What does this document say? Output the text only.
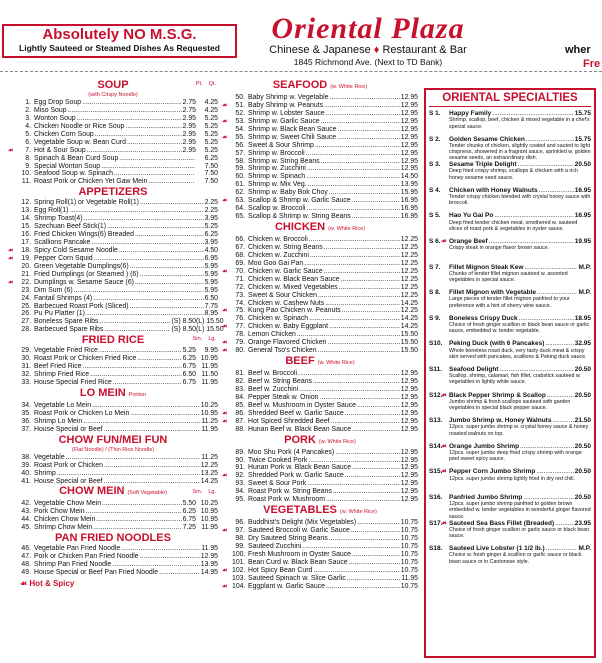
Absolutely NO M.S.G.
Lightly Sauteed or Steamed Dishes As Requested
Oriental Plaza
Chinese & Japanese ♦ Restaurant & Bar
1845 Richmond Ave. (Next to TD Bank)
wher
Fre
SOUP	Pt. Qt.
(with Crispy Noodle)
1. Egg Drop Soup .....	2.75	4.25
2. Miso Soup .....	2.75	4.25
3. Wonton Soup .....	2.95	5.25
4. Chicken Noodle or Rice Soup .....	2.95	5.25
5. Chicken Corn Soup .....	2.95	5.25
6. Vegetable Soup w. Bean Curd .....	2.95	5.25
☙	7. Hot & Sour Soup .....	2.95	5.25
8. Spinach & Bean Curd Soup .....	6.25
9. Special Wonton Soup .....	7.50
10. Seafood Soup w. Spinach .....	7.50
11. Roast Pork or Chicken Yet Gaw Mein .....	7.50
APPETIZERS
12. Spring Roll(1) or Vegetable Roll(1) .....	2.25
13. Egg Roll(1) .....	2.25
14. Shrimp Toast(4) .....	3.95
15. Szechuan Beef Stick(1) .....	5.25
16. Fried Chicken Wings(6) Breaded .....	6.25
17. Scallions Pancake .....	3.95
☙	18. Spicy Cold Sesame Noodle .....	4.50
☙	19. Pepper Corn Squid .....	6.95
20. Green Vegetable Dumplings(6) .....	5.95
21. Fried Dumplings (or Steamed ) (6) .....	5.95
☙	22. Dumplings w. Sesame Sauce (6) .....	5.95
23. Dim Sum (6) .....	5.95
24. Fantail Shrimps (4) .....	6.50
25. Barbecued Roast Pork (Sliced) .....	7.75
26. Pu Pu Platter (1) .....	8.95
27. Boneless Spare Ribs .....	(S) 8.50 (L) 15.50
28. Barbecued Spare Ribs .....	(S) 8.50 (L) 15.50
FRIED RICE	Sm. Lg.
29. Vegetable Fried Rice .....	5.25	9.95
30. Roast Pork or Chicken Fried Rice .....	6.25 10.95
31. Beef Fried Rice .....	6.75 11.95
32. Shrimp Fried Rice .....	6.50 11.50
33. House Special Fried Rice .....	6.75 11.95
LO MEIN Portion
34. Vegetable Lo Mein .....	10.25
35. Roast Pork or Chicken Lo Mein .....	10.95
36. Shrimp Lo Mein .....	11.25
37. House Special or Beef .....	11.95
CHOW FUN/MEI FUN
(Flat Noodle) / (Thin Rice Noodle)
38. Vegetable .....	11.25
39. Roast Pork or Chicken .....	12.25
40. Shrimp .....	13.25
41. House Special or Beef .....	14.25
CHOW MEIN (Soft Vegetable)	Sm. Lg.
42. Vegetable Chow Mein .....	5.50 10.25
43. Pork Chow Mein .....	6.25 10.95
44. Chicken Chow Mein .....	6.75 10.95
45. Shrimp Chow Mein .....	7.25 11.95
PAN FRIED NOODLES
46. Vegetable Pan Fried Noodle .....	11.95
47. Pork or Chicken Pan Fried Noodle .....	12.95
48. Shrimp Pan Fried Noodle .....	13.95
49. House Special or Beef Pan Fried Noodle .....	14.95
☙ Hot & Spicy
SEAFOOD (w. White Rice)
50. Baby Shrimp w. Vegetable .....	12.95
☙	51. Baby Shrimp w. Peanuts .....	12.95
52. Shrimp w. Lobster Sauce .....	12.95
☙	53. Shrimp w. Garlic Sauce .....	12.95
54. Shrimp w. Black Bean Sauce .....	12.95
☙	55. Shrimp w. Sweet Chili Sauce .....	12.95
56. Sweet & Sour Shrimp .....	12.95
57. Shrimp w. Broccoli .....	12.95
58. Shrimp w. String Beans .....	12.95
59. Shrimp w. Zucchini .....	12.95
60. Shrimp w. Spinach .....	14.50
61. Shrimp w. Mix Veg. .....	13.95
62. Shrimp w. Baby Bok Choy .....	15.95
☙	63. Scallop & Shrimp w. Garlic Sauce .....	16.95
64. Scallop w. Broccoli .....	16.95
65. Scallop & Shrimp w. String Beans .....	16.95
CHICKEN (w. White Rice)
66. Chicken w. Broccoli .....	12.25
67. Chicken w. String Beans .....	12.25
68. Chicken w. Zucchini .....	12.25
69. Moo Goo Gai Pan .....	12.25
☙	70. Chicken w. Garlic Sauce .....	12.25
71. Chicken w. Black Bean Sauce .....	12.25
72. Chicken w. Mixed Vegetables .....	12.25
73. Sweet & Sour Chicken .....	12.25
74. Chicken w. Cashew Nuts .....	14.25
☙	75. Kung Pao Chicken w. Peanuts .....	12.25
76. Chicken w. Spinach .....	14.25
☙	77. Chicken w. Baby Eggplant .....	14.25
78. Lemon Chicken .....	15.50
☙	79. Orange Flavored Chicken .....	15.50
☙	80. General Tso's Chicken .....	15.50
BEEF (w. White Rice)
81. Beef w. Broccoli .....	12.95
82. Beef w. String Beans .....	12.95
83. Beef w. Zucchini .....	12.95
84. Pepper Steak w. Onion .....	12.95
85. Beef w. Mushroom in Oyster Sauce .....	12.95
☙	86. Shredded Beef w. Garlic Sauce .....	12.95
☙	87. Hot Spiced Shredded Beef .....	12.95
88. Hunan Beef w. Black Bean Sauce .....	12.95
PORK (w. White Rice)
89. Moo Shu Pork (4 Pancakes) .....	12.95
90. Twice Cooked Pork .....	12.95
91. Hunan Pork w. Black Bean Sauce .....	12.95
☙	92. Shredded Pork w. Garlic Sauce .....	12.95
93. Sweet & Sour Pork .....	12.95
94. Roast Pork w. String Beans .....	12.95
95. Roast Pork w. Mushroom .....	12.95
VEGETABLES (w. White Rice)
96. Buddhist's Delight (Mix Vegetables) .....	10.75
☙	97. Sauteed Broccoli w. Garlic Sauce .....	10.75
98. Dry Sauteed String Beans .....	10.75
99. Sauteed Zucchini .....	10.75
100. Fresh Mushroom in Oyster Sauce .....	10.75
101. Bean Curd w. Black Bean Sauce .....	10.75
☙ 102. Hot Spicy Bean Curd .....	10.75
103. Sauteed Spinach w. Slice Garlic .....	11.95
☙ 104. Eggplant w. Garlic Sauce .....	10.75
ORIENTAL SPECIALTIES
S 1. Happy Family .....	15.75
Shrimp, scallop, beef, chicken & mixed vegetable in a chef's special sauce.
S 2. Golden Sesame Chicken .....	15.75
Tender chunks of chicken, slightly coated and sauted to light crispness, showered in a fragrant sauce, sprinkled w. golden sesame seeds, an extraordinary dish.
S 3. Sesame Triple Delight .....	20.50
Deep fried crispy shrimp, scallops & chicken with a rich honey sesame seed sauce.
S 4. Chicken with Honey Walnuts .....	16.95
Tender crispy chicken blended with crystal honey sauce with broccoli.
S 5. Hao Yu Gai Po .....	16.95
Deep fried tender chicken meat, smothered w. sauteed slices of roast pork & vegetables in oyster sauce.
S 6. ☙ Orange Beef .....	19.95
Crispy steak in orange flavor brown sauce.
S 7. Fillet Mignon Steak Kew .....	M.P.
Chunks of tender fillet mignon sauteed w. assorted vegetables in special sauce.
S 8. Fillet Mignon with Vegetable .....	M.P.
Large pieces of tender fillet mignon panfried to your preference with a hint of sherry wine sauce.
S 9. Boneless Crispy Duck .....	18.95
Choice of fresh ginger scallion or black bean sauce or garlic sauce, embedded w. tender vegetable.
S10. Peking Duck (with 6 Pancakes) .....	32.95
Whole boneless roast duck, very tasty duck meat & crispy skin served with pancakes, scallions & Peking duck sauce.
S11. Seafood Delight .....	20.50
Scallop, shrimp, calamari, fish fillet, crabstick sauteed w. vegetables in lightly white sauce.
S12.
☙ Black Pepper Shrimp & Scallop .....	20.50
Jumbo shrimp & fresh scallops sauteed with garden vegetables in special black pepper sauce.
S13. Jumbo Shrimp w. Honey Walnuts .....	21.50
12pcs. super jumbo shrimp w. crystal honey sauce & honey roasted walnuts on top.
S14.
☙ Orange Jumbo Shrimp .....	20.50
12pcs. super jumbo deep fried crispy shrimp with orange peel sweet spicy sauce.
S15.
☙ Pepper Corn Jumbo Shrimp .....	20.50
12pcs. super jumbo shrimp lightly fried in dry red chili.
S16. Panfried Jumbo Shrimp .....	20.50
12pcs. super jumbo shrimp panfried to golden brown embedded w. tender vegetables in wonderful ginger flavored sauce.
S17.
☙ Sauteed Sea Bass Fillet (Breaded) .....	23.95
Choice of fresh ginger scallion or garlic sauce or black bean sauce.
S18. Sauteed Live Lobster (1 1/2 lb.) .....	M.P.
Choice w. fresh ginger & scallion or garlic sauce or black bean sauce or in Cantonese style.
